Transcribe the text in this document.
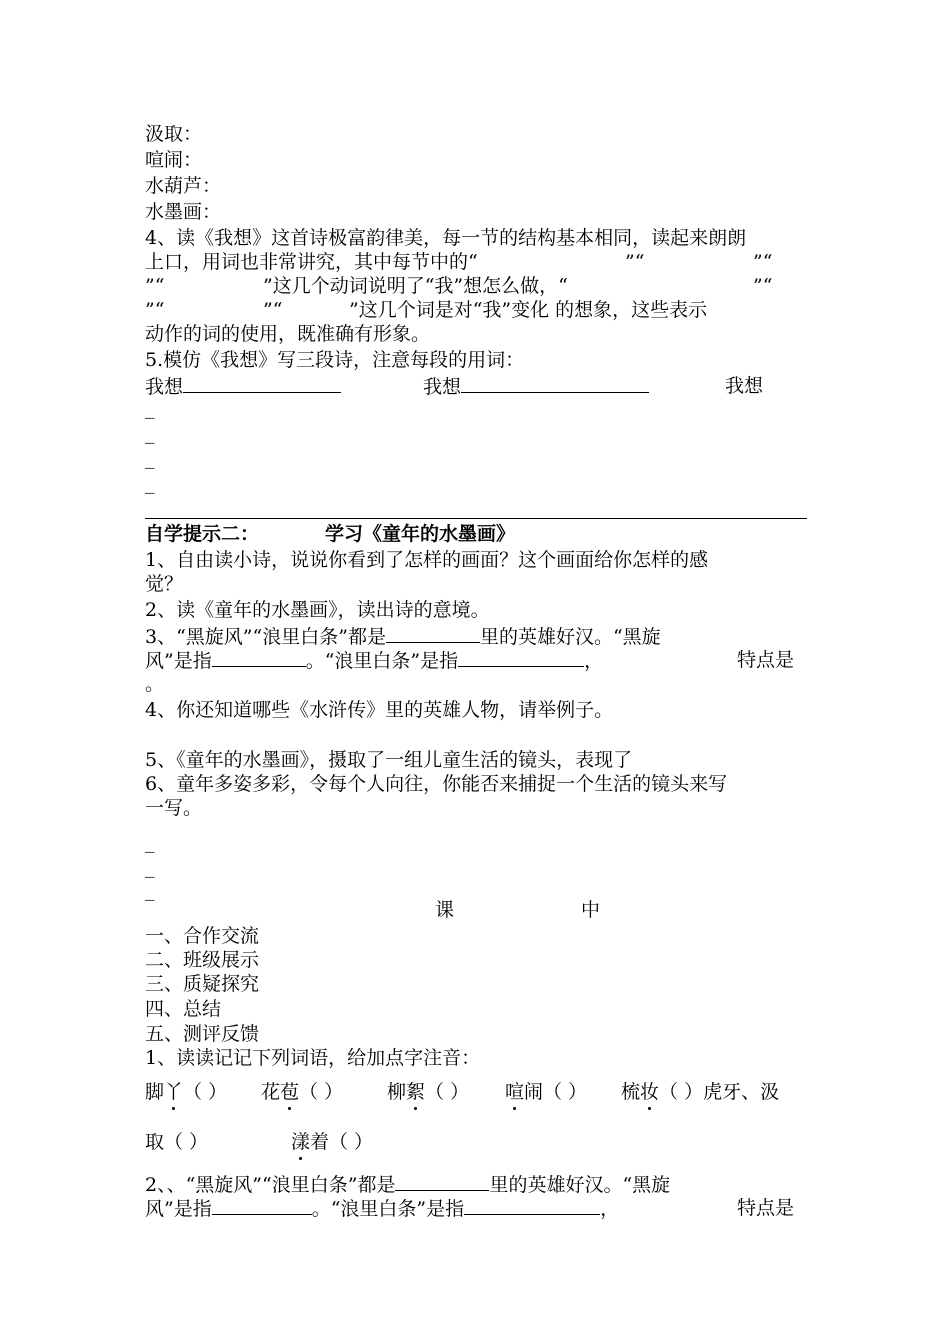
汲取：
喧闹：
水葫芦：
水墨画：
4、读《我想》这首诗极富韵律美，每一节的结构基本相同，读起来朗朗
上口，用词也非常讲究，其中每节中的“	”“	”“
”“	”这几个动词说明了“我”想怎么做，“	”“
”“	”“	”这几个词是对“我”变化 的想象，这些表示
动作的词的使用，既准确有形象。
5.模仿《我想》写三段诗，注意每段的用词：
我想	我想	我想
_
_
_
_
自学提示二：	学习《童年的水墨画》
1、自由读小诗，说说你看到了怎样的画面？这个画面给你怎样的感
觉？
2、读《童年的水墨画》，读出诗的意境。
3、“黑旋风”“浪里白条”都是	里的英雄好汉。“黑旋
风”是指	。“浪里白条”是指	，	特点是
。
4、你还知道哪些《水浒传》里的英雄人物，请举例子。
5、《童年的水墨画》，摄取了一组儿童生活的镜头，表现了
6、童年多姿多彩，令每个人向往，你能否来捕捉一个生活的镜头来写
一写。
_
_
_
课	中
一、合作交流
二、班级展示
三、质疑探究
四、总结
五、测评反馈
1、读读记记下列词语，给加点字注音：
脚丫（ ） 花苞（ ） 柳絮（ ） 喧闹（ ） 梳妆（ ）虎牙、汲
取（ ）	漾着（ ）
2、、“黑旋风”“浪里白条”都是	里的英雄好汉。“黑旋
风”是指	。“浪里白条”是指	，	特点是
